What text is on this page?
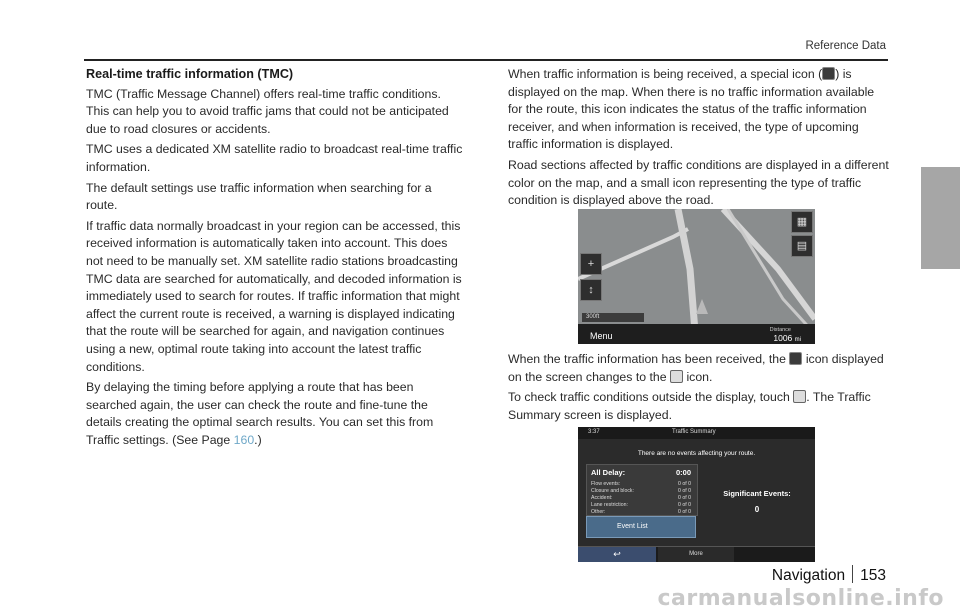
Reference Data
Real-time traffic information (TMC)

TMC (Traffic Message Channel) offers real-time traffic conditions. This can help you to avoid traffic jams that could not be anticipated due to road closures or accidents.

TMC uses a dedicated XM satellite radio to broadcast real-time traffic information.

The default settings use traffic information when searching for a route.

If traffic data normally broadcast in your region can be accessed, this received information is automatically taken into account. This does not need to be manually set. XM satellite radio stations broadcasting TMC data are searched for automatically, and decoded information is immediately used to search for routes. If traffic information that might affect the current route is received, a warning is displayed indicating that the route will be searched for again, and navigation continues using a new, optimal route taking into account the latest traffic conditions.

By delaying the timing before applying a route that has been searched again, the user can check the route and fine-tune the details creating the optimal search results. You can set this from Traffic settings. (See Page 160.)

When traffic information is being received, a special icon ( ) is displayed on the map. When there is no traffic information available for the route, this icon indicates the status of the traffic information receiver, and when information is received, the type of upcoming traffic information is displayed.

Road sections affected by traffic conditions are displayed in a different color on the map, and a small icon representing the type of traffic condition is displayed above the road.

When the traffic information has been received, the  icon displayed on the screen changes to the  icon.

To check traffic conditions outside the display, touch . The Traffic Summary screen is displayed.

+
↕
▦
▤
300ft
Menu
Distance
1006 mi
3:37	Traffic Summary
There are no events affecting your route.
All Delay:	0:00
Flow events:	0 of 0
Closure and block:	0 of 0
Accident:	0 of 0
Lane restriction:	0 of 0
Other:	0 of 0
Significant Events:
0
Event List
↩	More
Navigation 153
carmanualsonline.info
